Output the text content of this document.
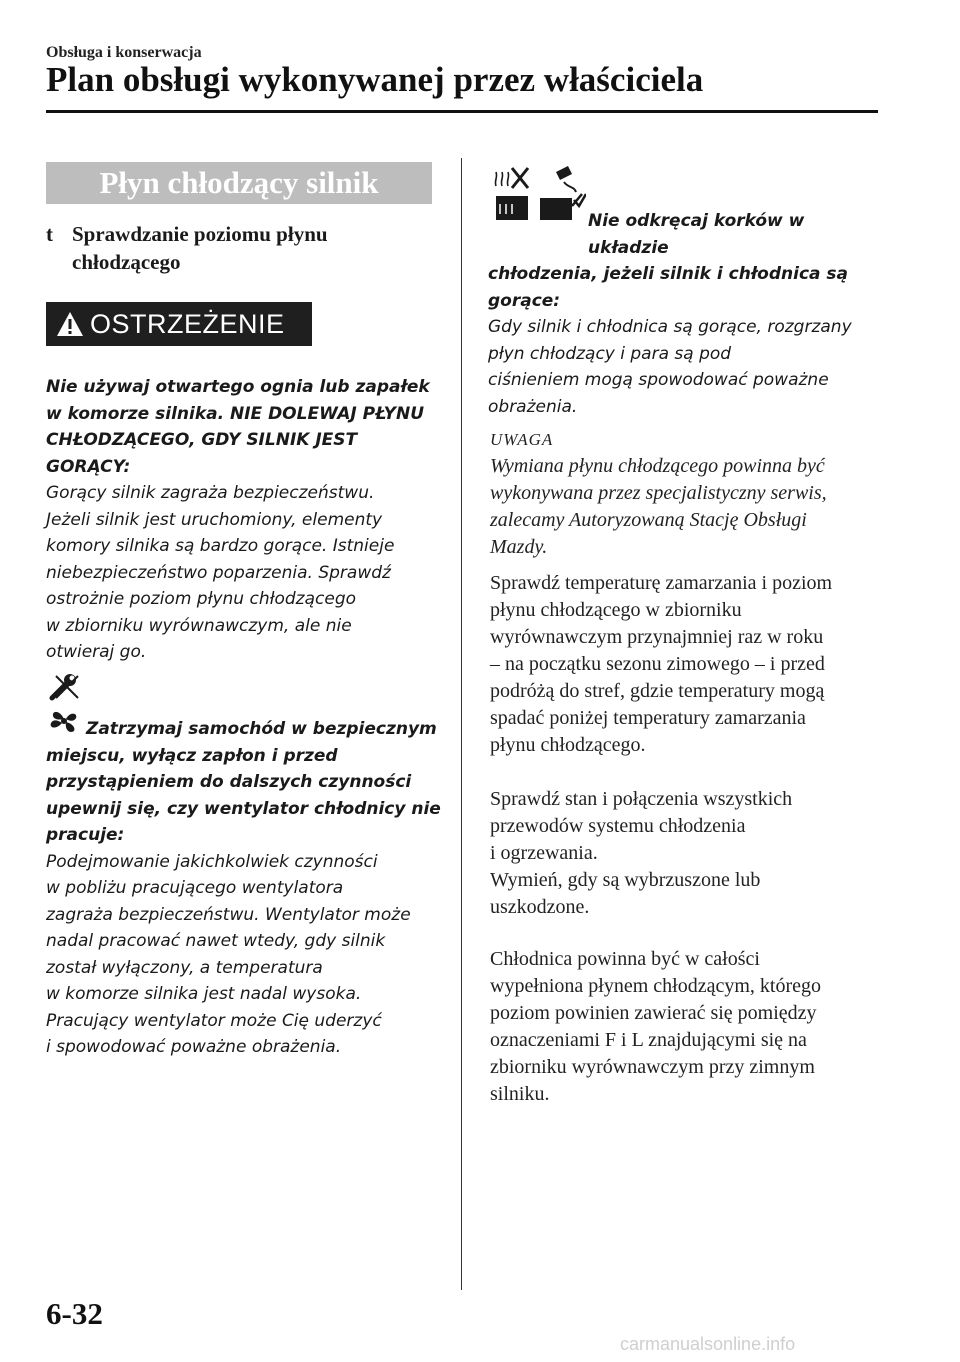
Obsługa i konserwacja
Plan obsługi wykonywanej przez właściciela
Płyn chłodzący silnik
t Sprawdzanie poziomu płynu
chłodzącego
OSTRZEŻENIE
Nie używaj otwartego ognia lub zapałek
w komorze silnika. NIE DOLEWAJ PŁYNU
CHŁODZĄCEGO, GDY SILNIK JEST GORĄCY:
Gorący silnik zagraża bezpieczeństwu.
Jeżeli silnik jest uruchomiony, elementy
komory silnika są bardzo gorące. Istnieje
niebezpieczeństwo poparzenia. Sprawdź
ostrożnie poziom płynu chłodzącego
w zbiorniku wyrównawczym, ale nie
otwieraj go.
Zatrzymaj samochód w bezpiecznym
miejscu, wyłącz zapłon i przed
przystąpieniem do dalszych czynności
upewnij się, czy wentylator chłodnicy nie
pracuje:
Podejmowanie jakichkolwiek czynności
w pobliżu pracującego wentylatora
zagraża bezpieczeństwu. Wentylator może
nadal pracować nawet wtedy, gdy silnik
został wyłączony, a temperatura
w komorze silnika jest nadal wysoka.
Pracujący wentylator może Cię uderzyć
i spowodować poważne obrażenia.
Nie odkręcaj korków w układzie
chłodzenia, jeżeli silnik i chłodnica są
gorące:
Gdy silnik i chłodnica są gorące, rozgrzany
płyn chłodzący i para są pod
ciśnieniem mogą spowodować poważne
obrażenia.
UWAGA
Wymiana płynu chłodzącego powinna być
wykonywana przez specjalistyczny serwis,
zalecamy Autoryzowaną Stację Obsługi
Mazdy.
Sprawdź temperaturę zamarzania i poziom
płynu chłodzącego w zbiorniku
wyrównawczym przynajmniej raz w roku
– na początku sezonu zimowego – i przed
podróżą do stref, gdzie temperatury mogą
spadać poniżej temperatury zamarzania
płynu chłodzącego.
Sprawdź stan i połączenia wszystkich
przewodów systemu chłodzenia
i ogrzewania.
Wymień, gdy są wybrzuszone lub
uszkodzone.
Chłodnica powinna być w całości
wypełniona płynem chłodzącym, którego
poziom powinien zawierać się pomiędzy
oznaczeniami F i L znajdującymi się na
zbiorniku wyrównawczym przy zimnym
silniku.
6-32
carmanualsonline.info
